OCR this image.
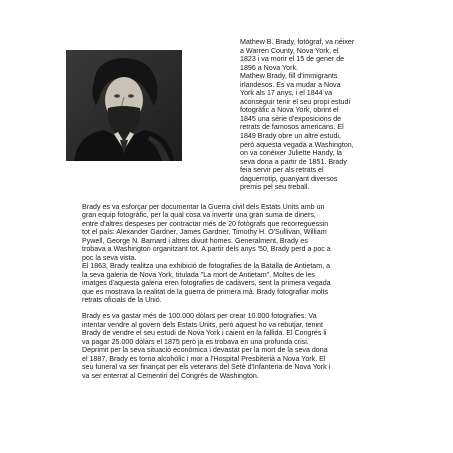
Mathew B. Brady, fotògraf, va néixer
a Warren County, Nova York, el
1823 i va morir el 15 de gener de
1896 a Nova York.
Mathew Brady, fill d'immigrants
irlandesos. Es va mudar a Nova
York als 17 anys, i el 1844 va
aconseguir tenir el seu propi estudi
fotogràfic a Nova York, obrint el
1845 una sèrie d'exposicions de
retrats de famosos americans. El
1849 Brady obre un altre estudi,
però aquesta vegada a Washington,
on va conèixer Juliette Handy, la
seva dona a partir de 1851. Brady
feia servir per als retrats el
daguerrotip, guanyant diversos
premis pel seu treball.

Brady es va esforçar per documentar la Guerra civil dels Estats Units amb un
gran equip fotogràfic, per la qual cosa va invertir una gran suma de diners,
entre d'altres despeses per contractar més de 20 fotògrafs que recorreguessin
tot el país: Alexander Gardner, James Gardner, Timothy H. O'Sullivan, William
Pywell, George N. Barnard i altres divuit homes. Generalment, Brady es
trobava a Washington organitzant tot. A partir dels anys '50, Brady perd a poc a
poc la seva vista.
El 1863, Brady realitza una exhibició de fotografies de la Batalla de Antietam, a
la seva galeria de Nova York, titulada "La mort de Antietam". Moltes de les
imatges d'aquesta galeria eren fotografies de cadàvers, sent la primera vegada
que es mostrava la realitat de la guerra de primera mà. Brady fotografiar molts
retrats oficials de la Unió.

Brady es va gastar més de 100.000 dòlars per crear 10.000 fotografies. Va
intentar vendre al govern dels Estats Units, però aquest ho va rebutjar, tenint
Brady de vendre el seu estudi de Nova York i caient en la fallida. El Congrés li
va pagar 25.000 dòlars el 1875 però ja es trobava en una profunda crisi.
Deprimit per la seva situació econòmica i devastat per la mort de la seva dona
el 1887, Brady es torna alcohòlic i mor a l'Hospital Presbiterià a Nova York. El
seu funeral va ser finançat per els veterans del Setè d'Infanteria de Nova York i
va ser enterrat al Cementiri del Congrés de Washington.
